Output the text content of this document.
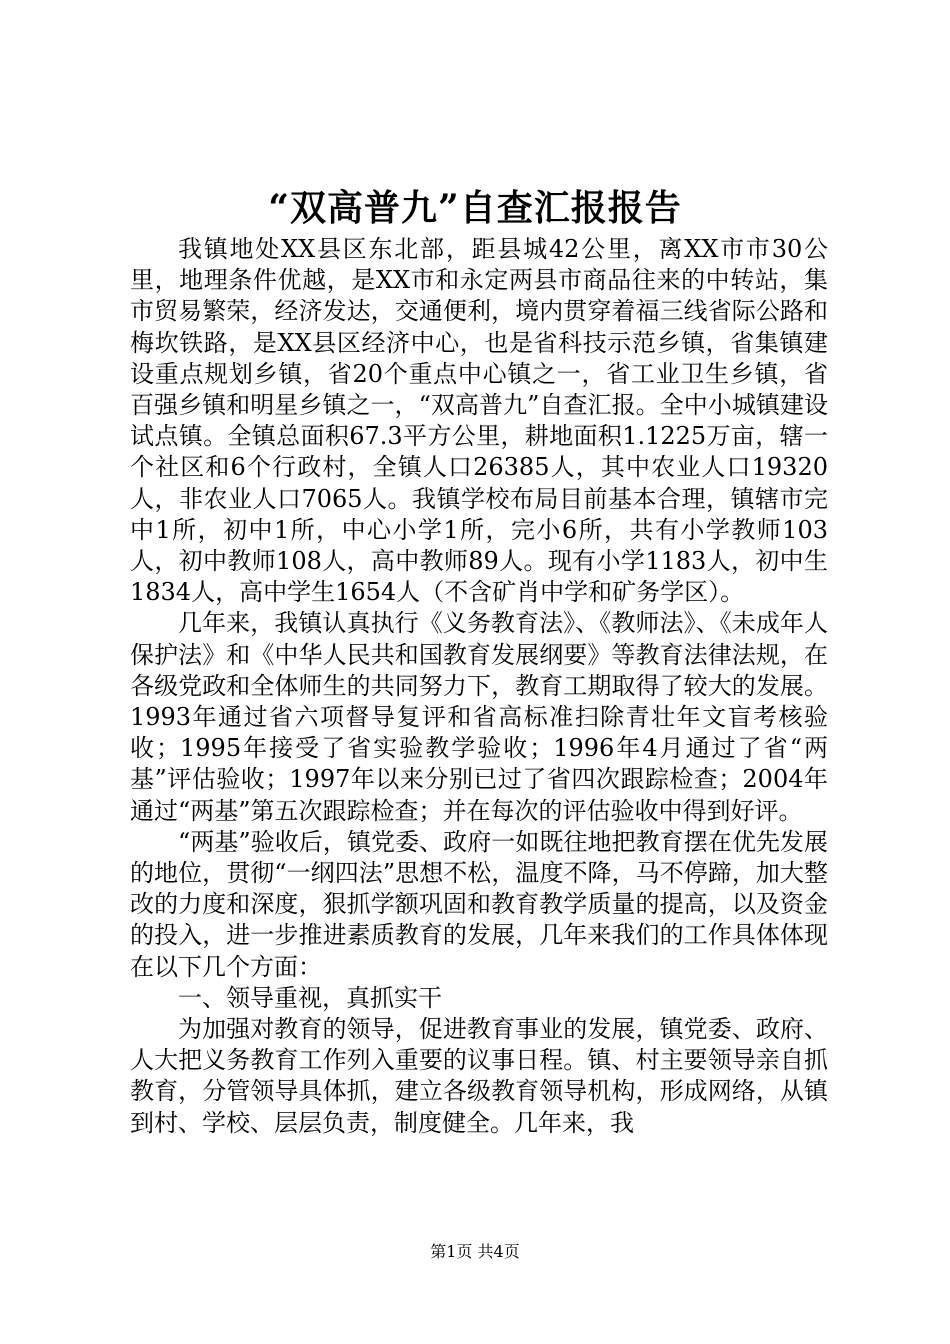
“双高普九”自查汇报报告

我镇地处XX县区东北部，距县城42公里，离XX市市30公里，地理条件优越，是XX市和永定两县市商品往来的中转站，集市贸易繁荣，经济发达，交通便利，境内贯穿着福三线省际公路和梅坎铁路，是XX县区经济中心，也是省科技示范乡镇，省集镇建设重点规划乡镇，省20个重点中心镇之一，省工业卫生乡镇，省百强乡镇和明星乡镇之一，“双高普九”自查汇报。全中小城镇建设试点镇。全镇总面积67.3平方公里，耕地面积1.1225万亩，辖一个社区和6个行政村，全镇人口26385人，其中农业人口19320人，非农业人口7065人。我镇学校布局目前基本合理，镇辖市完中1所，初中1所，中心小学1所，完小6所，共有小学教师103人，初中教师108人，高中教师89人。现有小学1183人，初中生1834人，高中学生1654人（不含矿肖中学和矿务学区）。

几年来，我镇认真执行《义务教育法》、《教师法》、《未成年人保护法》和《中华人民共和国教育发展纲要》等教育法律法规，在各级党政和全体师生的共同努力下，教育工期取得了较大的发展。1993年通过省六项督导复评和省高标准扫除青壮年文盲考核验收；1995年接受了省实验教学验收；1996年4月通过了省“两基”评估验收；1997年以来分别已过了省四次跟踪检查；2004年通过“两基”第五次跟踪检查；并在每次的评估验收中得到好评。

“两基”验收后，镇党委、政府一如既往地把教育摆在优先发展的地位，贯彻“一纲四法”思想不松，温度不降，马不停蹄，加大整改的力度和深度，狠抓学额巩固和教育教学质量的提高，以及资金的投入，进一步推进素质教育的发展，几年来我们的工作具体体现在以下几个方面：

一、领导重视，真抓实干

为加强对教育的领导，促进教育事业的发展，镇党委、政府、人大把义务教育工作列入重要的议事日程。镇、村主要领导亲自抓教育，分管领导具体抓，建立各级教育领导机构，形成网络，从镇到村、学校、层层负责，制度健全。几年来，我

第1页 共4页
